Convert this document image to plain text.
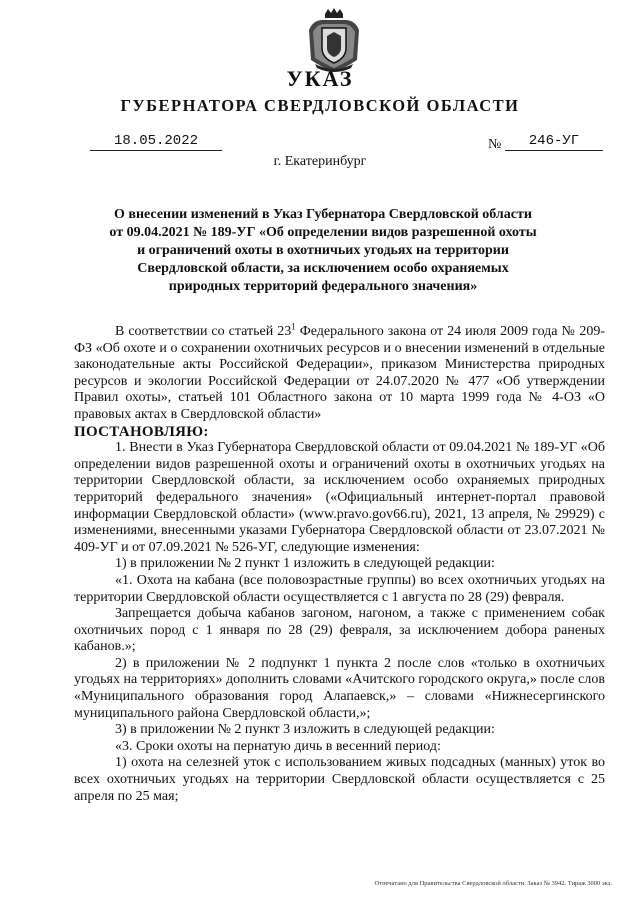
УКАЗ
ГУБЕРНАТОРА СВЕРДЛОВСКОЙ ОБЛАСТИ
18.05.2022	№	246-УГ
г. Екатеринбург
О внесении изменений в Указ Губернатора Свердловской области
от 09.04.2021 № 189-УГ «Об определении видов разрешенной охоты
и ограничений охоты в охотничьих угодьях на территории
Свердловской области, за исключением особо охраняемых
природных территорий федерального значения»

В соответствии со статьей $23^1$ Федерального закона от 24 июля 2009 года № 209-ФЗ «Об охоте и о сохранении охотничьих ресурсов и о внесении изменений в отдельные законодательные акты Российской Федерации», приказом Министерства природных ресурсов и экологии Российской Федерации от 24.07.2020 № 477 «Об утверждении Правил охоты», статьей 101 Областного закона от 10 марта 1999 года № 4-ОЗ «О правовых актах в Свердловской области»

ПОСТАНОВЛЯЮ:

1. Внести в Указ Губернатора Свердловской области от 09.04.2021 № 189-УГ «Об определении видов разрешенной охоты и ограничений охоты в охотничьих угодьях на территории Свердловской области, за исключением особо охраняемых природных территорий федерального значения» («Официальный интернет-портал правовой информации Свердловской области» (www.pravo.gov66.ru), 2021, 13 апреля, № 29929) с изменениями, внесенными указами Губернатора Свердловской области от 23.07.2021 № 409-УГ и от 07.09.2021 № 526-УГ, следующие изменения:

1) в приложении № 2 пункт 1 изложить в следующей редакции:

«1. Охота на кабана (все половозрастные группы) во всех охотничьих угодьях на территории Свердловской области осуществляется с 1 августа по 28 (29) февраля.

Запрещается добыча кабанов загоном, нагоном, а также с применением собак охотничьих пород с 1 января по 28 (29) февраля, за исключением добора раненых кабанов.»;

2) в приложении № 2 подпункт 1 пункта 2 после слов «только в охотничьих угодьях на территориях» дополнить словами «Ачитского городского округа,» после слов «Муниципального образования город Алапаевск,» – словами «Нижнесергинского муниципального района Свердловской области,»;

3) в приложении № 2 пункт 3 изложить в следующей редакции:

«3. Сроки охоты на пернатую дичь в весенний период:

1) охота на селезней уток с использованием живых подсадных (манных) уток во всех охотничьих угодьях на территории Свердловской области осуществляется с 25 апреля по 25 мая;

Отпечатано для Правительства Свердловской области. Заказ № 3942. Тираж 3000 экз.
